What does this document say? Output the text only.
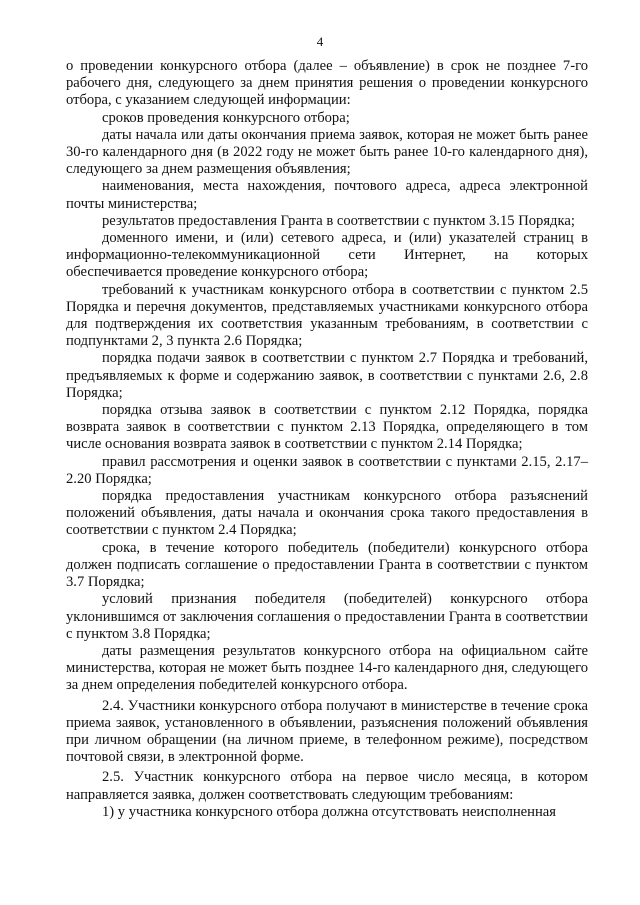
4

о проведении конкурсного отбора (далее – объявление) в срок не позднее 7-го рабочего дня, следующего за днем принятия решения о проведении конкурсного отбора, с указанием следующей информации:

сроков проведения конкурсного отбора;

даты начала или даты окончания приема заявок, которая не может быть ранее 30-го календарного дня (в 2022 году не может быть ранее 10-го календарного дня), следующего за днем размещения объявления;

наименования, места нахождения, почтового адреса, адреса электронной почты министерства;

результатов предоставления Гранта в соответствии с пунктом 3.15 Порядка;

доменного имени, и (или) сетевого адреса, и (или) указателей страниц в информационно-телекоммуникационной сети Интернет, на которых обеспечивается проведение конкурсного отбора;

требований к участникам конкурсного отбора в соответствии с пунктом 2.5 Порядка и перечня документов, представляемых участниками конкурсного отбора для подтверждения их соответствия указанным требованиям, в соответствии с подпунктами 2, 3 пункта 2.6 Порядка;

порядка подачи заявок в соответствии с пунктом 2.7 Порядка и требований, предъявляемых к форме и содержанию заявок, в соответствии с пунктами 2.6, 2.8 Порядка;

порядка отзыва заявок в соответствии с пунктом 2.12 Порядка, порядка возврата заявок в соответствии с пунктом 2.13 Порядка, определяющего в том числе основания возврата заявок в соответствии с пунктом 2.14 Порядка;

правил рассмотрения и оценки заявок в соответствии с пунктами 2.15, 2.17–2.20 Порядка;

порядка предоставления участникам конкурсного отбора разъяснений положений объявления, даты начала и окончания срока такого предоставления в соответствии с пунктом 2.4 Порядка;

срока, в течение которого победитель (победители) конкурсного отбора должен подписать соглашение о предоставлении Гранта в соответствии с пунктом 3.7 Порядка;

условий признания победителя (победителей) конкурсного отбора уклонившимся от заключения соглашения о предоставлении Гранта в соответствии с пунктом 3.8 Порядка;

даты размещения результатов конкурсного отбора на официальном сайте министерства, которая не может быть позднее 14-го календарного дня, следующего за днем определения победителей конкурсного отбора.

2.4. Участники конкурсного отбора получают в министерстве в течение срока приема заявок, установленного в объявлении, разъяснения положений объявления при личном обращении (на личном приеме, в телефонном режиме), посредством почтовой связи, в электронной форме.

2.5. Участник конкурсного отбора на первое число месяца, в котором направляется заявка, должен соответствовать следующим требованиям:

1) у участника конкурсного отбора должна отсутствовать неисполненная
